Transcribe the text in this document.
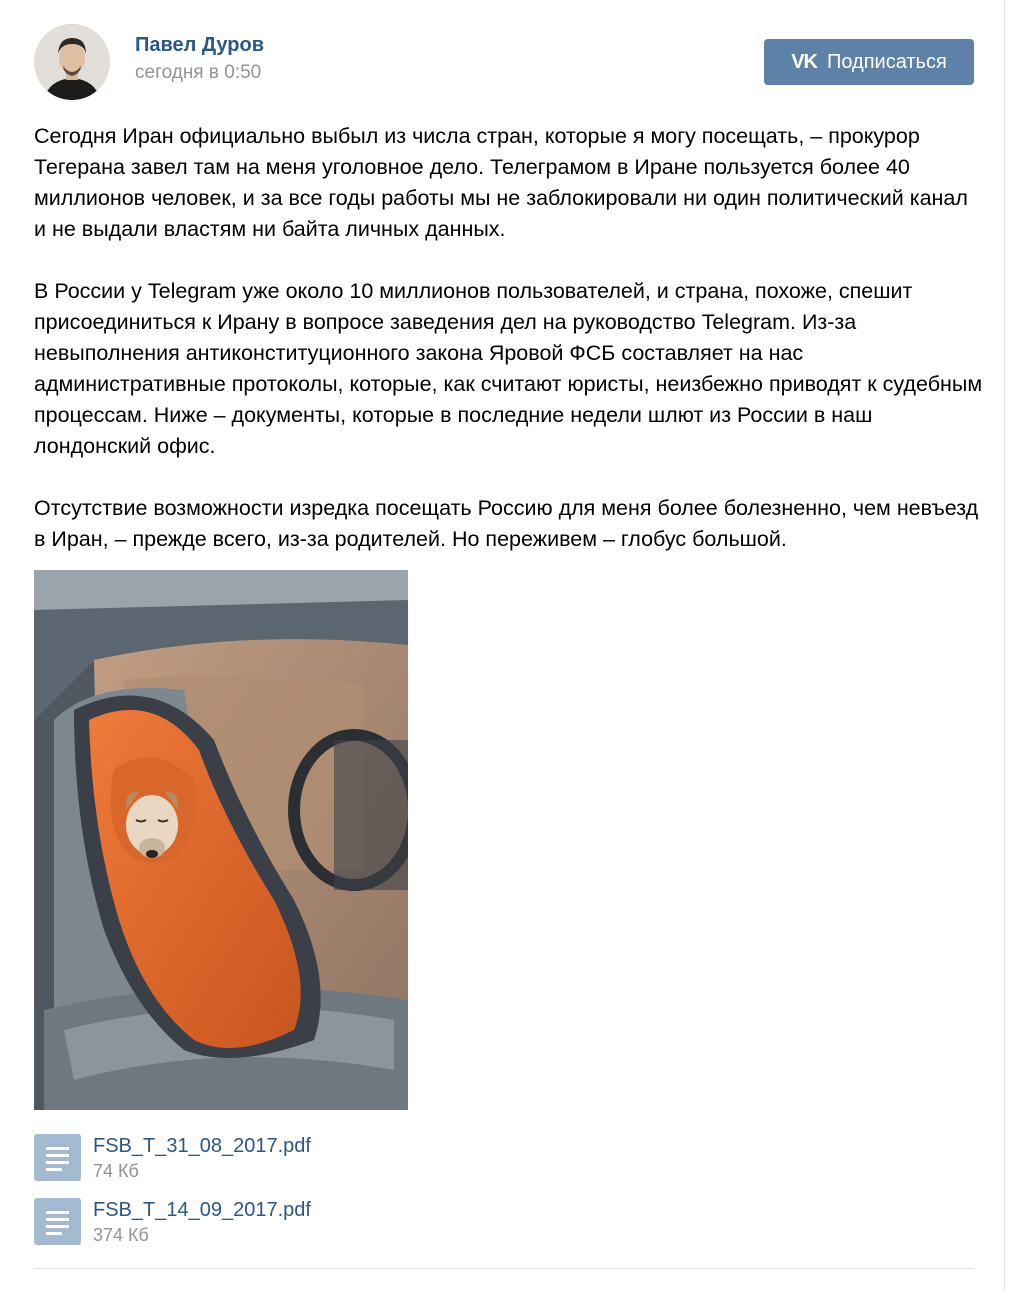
Павел Дуров
сегодня в 0:50	VK Подписаться

Сегодня Иран официально выбыл из числа стран, которые я могу посещать, – прокурор Тегерана завел там на меня уголовное дело. Телеграмом в Иране пользуется более 40 миллионов человек, и за все годы работы мы не заблокировали ни один политический канал и не выдали властям ни байта личных данных.

В России у Telegram уже около 10 миллионов пользователей, и страна, похоже, спешит присоединиться к Ирану в вопросе заведения дел на руководство Telegram. Из-за невыполнения антиконституционного закона Яровой ФСБ составляет на нас административные протоколы, которые, как считают юристы, неизбежно приводят к судебным процессам. Ниже – документы, которые в последние недели шлют из России в наш лондонский офис.

Отсутствие возможности изредка посещать Россию для меня более болезненно, чем невъезд в Иран, – прежде всего, из-за родителей. Но переживем – глобус большой.

FSB_T_31_08_2017.pdf
74 Кб
FSB_T_14_09_2017.pdf
374 Кб
